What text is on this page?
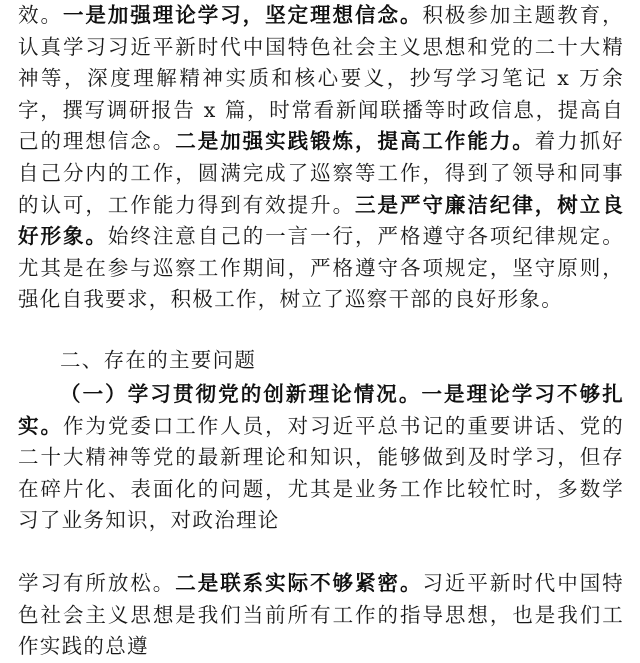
效。一是加强理论学习，坚定理想信念。积极参加主题教育，认真学习习近平新时代中国特色社会主义思想和党的二十大精神等，深度理解精神实质和核心要义，抄写学习笔记 x 万余字，撰写调研报告 x 篇，时常看新闻联播等时政信息，提高自己的理想信念。二是加强实践锻炼，提高工作能力。着力抓好自己分内的工作，圆满完成了巡察等工作，得到了领导和同事的认可，工作能力得到有效提升。三是严守廉洁纪律，树立良好形象。始终注意自己的一言一行，严格遵守各项纪律规定。尤其是在参与巡察工作期间，严格遵守各项规定，坚守原则，强化自我要求，积极工作，树立了巡察干部的良好形象。

二、存在的主要问题

（一）学习贯彻党的创新理论情况。一是理论学习不够扎实。作为党委口工作人员，对习近平总书记的重要讲话、党的二十大精神等党的最新理论和知识，能够做到及时学习，但存在碎片化、表面化的问题，尤其是业务工作比较忙时，多数学习了业务知识，对政治理论

学习有所放松。二是联系实际不够紧密。习近平新时代中国特色社会主义思想是我们当前所有工作的指导思想，也是我们工作实践的总遵
